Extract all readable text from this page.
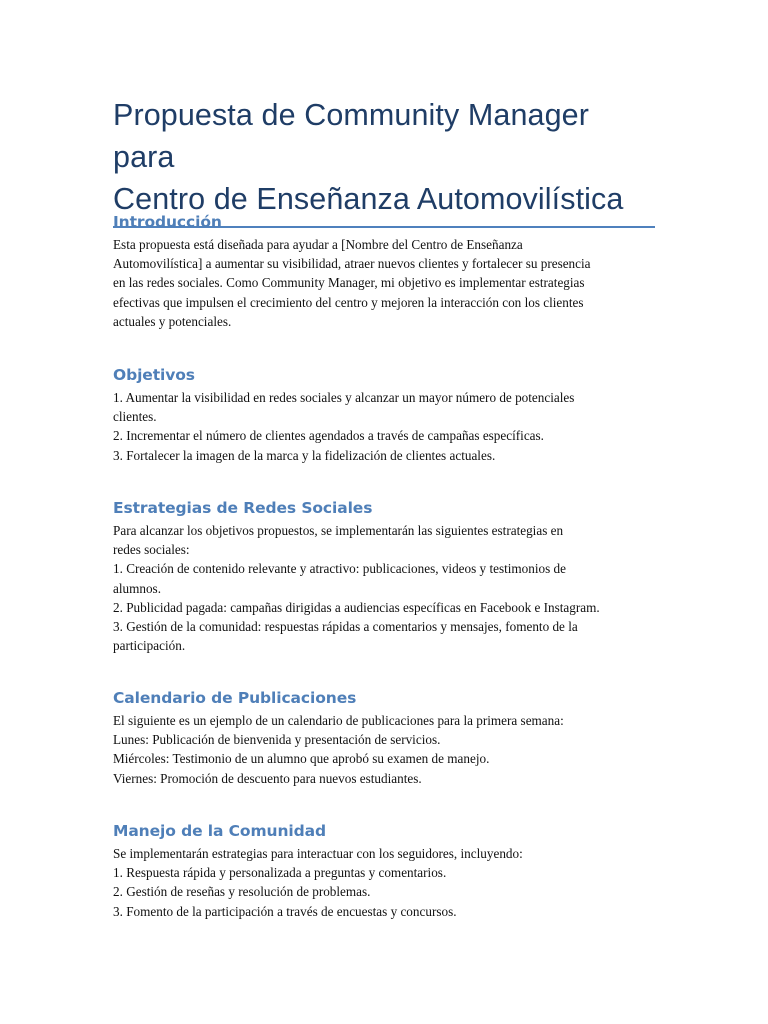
Propuesta de Community Manager para
Centro de Enseñanza Automovilística
Introducción

Esta propuesta está diseñada para ayudar a [Nombre del Centro de Enseñanza
Automovilística] a aumentar su visibilidad, atraer nuevos clientes y fortalecer su presencia
en las redes sociales. Como Community Manager, mi objetivo es implementar estrategias
efectivas que impulsen el crecimiento del centro y mejoren la interacción con los clientes
actuales y potenciales.

Objetivos

1. Aumentar la visibilidad en redes sociales y alcanzar un mayor número de potenciales
clientes.
2. Incrementar el número de clientes agendados a través de campañas específicas.
3. Fortalecer la imagen de la marca y la fidelización de clientes actuales.

Estrategias de Redes Sociales

Para alcanzar los objetivos propuestos, se implementarán las siguientes estrategias en
redes sociales:
1. Creación de contenido relevante y atractivo: publicaciones, videos y testimonios de
alumnos.
2. Publicidad pagada: campañas dirigidas a audiencias específicas en Facebook e Instagram.
3. Gestión de la comunidad: respuestas rápidas a comentarios y mensajes, fomento de la
participación.

Calendario de Publicaciones

El siguiente es un ejemplo de un calendario de publicaciones para la primera semana:
Lunes: Publicación de bienvenida y presentación de servicios.
Miércoles: Testimonio de un alumno que aprobó su examen de manejo.
Viernes: Promoción de descuento para nuevos estudiantes.

Manejo de la Comunidad

Se implementarán estrategias para interactuar con los seguidores, incluyendo:
1. Respuesta rápida y personalizada a preguntas y comentarios.
2. Gestión de reseñas y resolución de problemas.
3. Fomento de la participación a través de encuestas y concursos.
